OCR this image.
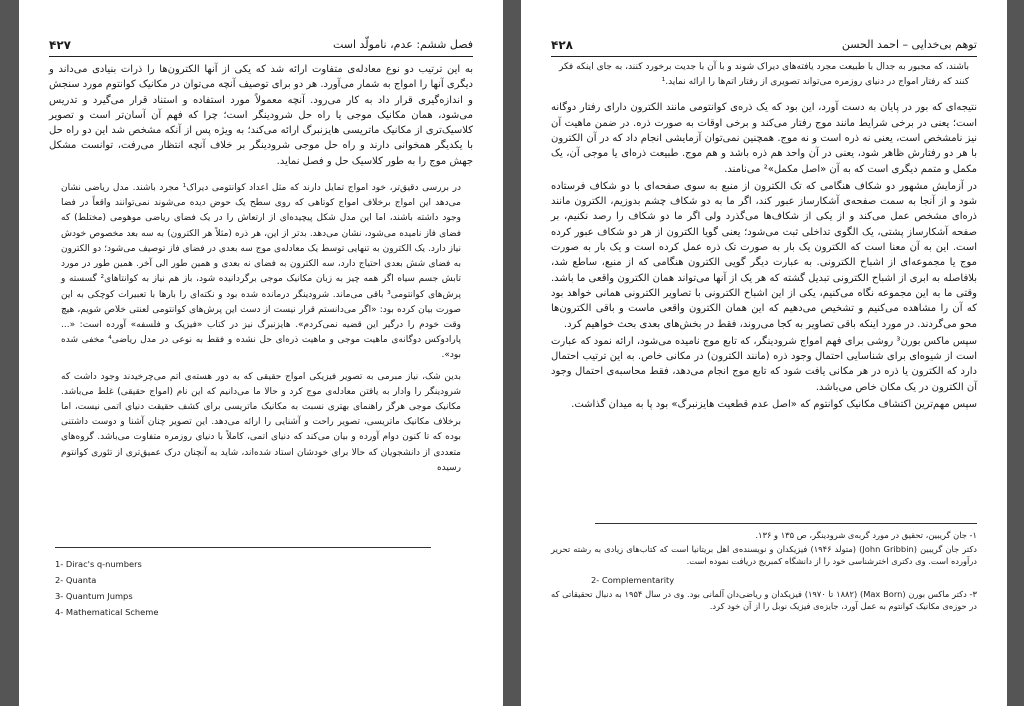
۴۲۷	فصل ششم: عدم، نامولّد است

به این ترتیب دو نوع معادله‌ی متفاوت ارائه شد که یکی از آنها الکترون‌ها را ذرات بنیادی می‌داند و دیگری آنها را امواج به شمار می‌آورد. هر دو برای توصیف آنچه می‌توان در مکانیک کوانتوم مورد سنجش و اندازه‌گیری قرار داد به کار می‌رود. آنچه معمولاً مورد استفاده و استناد قرار می‌گیرد و تدریس می‌شود، همان مکانیک موجی یا راه حل شرودینگر است؛ چرا که فهم آن آسان‌تر است و تصویر کلاسیک‌تری از مکانیک ماتریسی هایزنبرگ ارائه می‌کند؛ به ویژه پس از آنکه مشخص شد این دو راه حل با یکدیگر همخوانی دارند و راه حل موجی شرودینگر بر خلاف آنچه انتظار می‌رفت، توانست مشکل جهش موج را به طور کلاسیک حل و فصل نماید.

در بررسی دقیق‌تر، خود امواج تمایل دارند که مثل اعداد کوانتومی دیراک¹ مجرد باشند. مدل ریاضی نشان می‌دهد این امواج برخلاف امواج کوتاهی که روی سطح یک حوض دیده می‌شوند نمی‌توانند واقعاً در فضا وجود داشته باشند، اما این مدل شکل پیچیده‌ای از ارتعاش را در یک فضای ریاضی موهومی (مختلط) که فضای فاز نامیده می‌شود، نشان می‌دهد. بدتر از این، هر ذره (مثلاً هر الکترون) به سه بعد مخصوص خودش نیاز دارد. یک الکترون به تنهایی توسط یک معادله‌ی موج سه بعدی در فضای فاز توصیف می‌شود؛ دو الکترون به فضای شش بعدی احتیاج دارد، سه الکترون به فضای نه بعدی و همین طور الی آخر. همین طور در مورد تابش جسم سیاه اگر همه چیز به زبان مکانیک موجی برگردانیده شود، باز هم نیاز به کوانتاهای² گسسته و پرش‌های کوانتومی³ باقی می‌ماند. شرودینگر درمانده شده بود و نکته‌ای را بارها با تعبیرات کوچکی به این صورت بیان کرده بود: «اگر می‌دانستم قرار نیست از دست این پرش‌های کوانتومی لعنتی خلاص شویم، هیچ وقت خودم را درگیر این قضیه نمی‌کردم». هایزنبرگ نیز در کتاب «فیزیک و فلسفه» آورده است: «... پارادوکس دوگانه‌ی ماهیت موجی و ماهیت ذره‌ای حل نشده و فقط به نوعی در مدل ریاضی⁴ مخفی شده بود».

بدین شک، نیاز مبرمی به تصویر فیزیکی امواج حقیقی که به دور هسته‌ی اتم می‌چرخیدند وجود داشت که شرودینگر را وادار به یافتن معادله‌ی موج کرد و حالا ما می‌دانیم که این نام (امواج حقیقی) غلط می‌باشد. مکانیک موجی هرگز راهنمای بهتری نسبت به مکانیک ماتریسی برای کشف حقیقت دنیای اتمی نیست، اما برخلاف مکانیک ماتریسی، تصویر راحت و آشنایی را ارائه می‌دهد. این تصویر چنان آشنا و دوست داشتنی بوده که تا کنون دوام آورده و بیان می‌کند که دنیای اتمی، کاملاً با دنیای روزمره متفاوت می‌باشد. گروه‌های متعددی از دانشجویان که حالا برای خودشان استاد شده‌اند، شاید به آنچنان درک عمیق‌تری از تئوری کوانتوم رسیده

1- Dirac's q-numbers
2- Quanta
3- Quantum Jumps
4- Mathematical Scheme
۴۲۸	توهم بی‌خدایی – احمد الحسن

باشند، که مجبور به جدال با طبیعت مجرد یافته‌های دیراک شوند و با آن با جدیت برخورد کنند، به جای اینکه فکر کنند که رفتار امواج در دنیای روزمره می‌تواند تصویری از رفتار اتم‌ها را ارائه نماید.¹

نتیجه‌ای که بور در پایان به دست آورد، این بود که یک ذره‌ی کوانتومی مانند الکترون دارای رفتار دوگانه است؛ یعنی در برخی شرایط مانند موج رفتار می‌کند و برخی اوقات به صورت ذره. در ضمن ماهیت آن نیز نامشخص است، یعنی نه ذره است و نه موج. همچنین نمی‌توان آزمایشی انجام داد که در آن الکترون با هر دو رفتارش ظاهر شود، یعنی در آن واحد هم ذره باشد و هم موج. طبیعت ذره‌ای یا موجی آن، یک مکمل و متمم دیگری است که به آن «اصل مکمل»² می‌نامند.

در آزمایش مشهور دو شکاف هنگامی که تک الکترون از منبع به سوی صفحه‌ای با دو شکاف فرستاده شود و از آنجا به سمت صفحه‌ی آشکارساز عبور کند، اگر ما به دو شکاف چشم بدوزیم، الکترون مانند ذره‌ای مشخص عمل می‌کند و از یکی از شکاف‌ها می‌گذرد ولی اگر ما دو شکاف را رصد نکنیم، بر صفحه آشکارساز پشتی، یک الگوی تداخلی ثبت می‌شود؛ یعنی گویا الکترون از هر دو شکاف عبور کرده است. این به آن معنا است که الکترون یک بار به صورت تک ذره عمل کرده است و یک بار به صورت موج یا مجموعه‌ای از اشباح الکترونی. به عبارت دیگر گویی الکترون هنگامی که از منبع، ساطع شد، بلافاصله به ابری از اشباح الکترونی تبدیل گشته که هر یک از آنها می‌تواند همان الکترون واقعی ما باشد. وقتی ما به این مجموعه نگاه می‌کنیم، یکی از این اشباح الکترونی با تصاویر الکترونی همانی خواهد بود که آن را مشاهده می‌کنیم و تشخیص می‌دهیم که این همان الکترون واقعی ماست و باقی الکترون‌ها محو می‌گردند. در مورد اینکه باقی تصاویر به کجا می‌روند، فقط در بخش‌های بعدی بحث خواهیم کرد.

سپس ماکس بورن³ روشی برای فهم امواج شرودینگر، که تابع موج نامیده می‌شود، ارائه نمود که عبارت است از شیوه‌ای برای شناسایی احتمال وجود ذره (مانند الکترون) در مکانی خاص. به این ترتیب احتمال دارد که الکترون یا ذره در هر مکانی یافت شود که تابع موج انجام می‌دهد، فقط محاسبه‌ی احتمال وجود آن الکترون در یک مکان خاص می‌باشد.

سپس مهم‌ترین اکتشاف مکانیک کوانتوم که «اصل عدم قطعیت هایزنبرگ» بود پا به میدان گذاشت.

۱- جان گریبین، تحقیق در مورد گربه‌ی شرودینگر، ص ۱۳۵ و ۱۳۶.
دکتر جان گریبین (John Gribbin) (متولد ۱۹۴۶) فیزیکدان و نویسنده‌ی اهل بریتانیا است که کتاب‌های زیادی به رشته تحریر درآورده است. وی دکتری اخترشناسی خود را از دانشگاه کمبریج دریافت نموده است.
2- Complementarity
۳- دکتر ماکس بورن (Max Born) (۱۸۸۲ تا ۱۹۷۰) فیزیکدان و ریاضی‌دان آلمانی بود. وی در سال ۱۹۵۴ به دنبال تحقیقاتی که در حوزه‌ی مکانیک کوانتوم به عمل آورد، جایزه‌ی فیزیک نوبل را از آن خود کرد.
